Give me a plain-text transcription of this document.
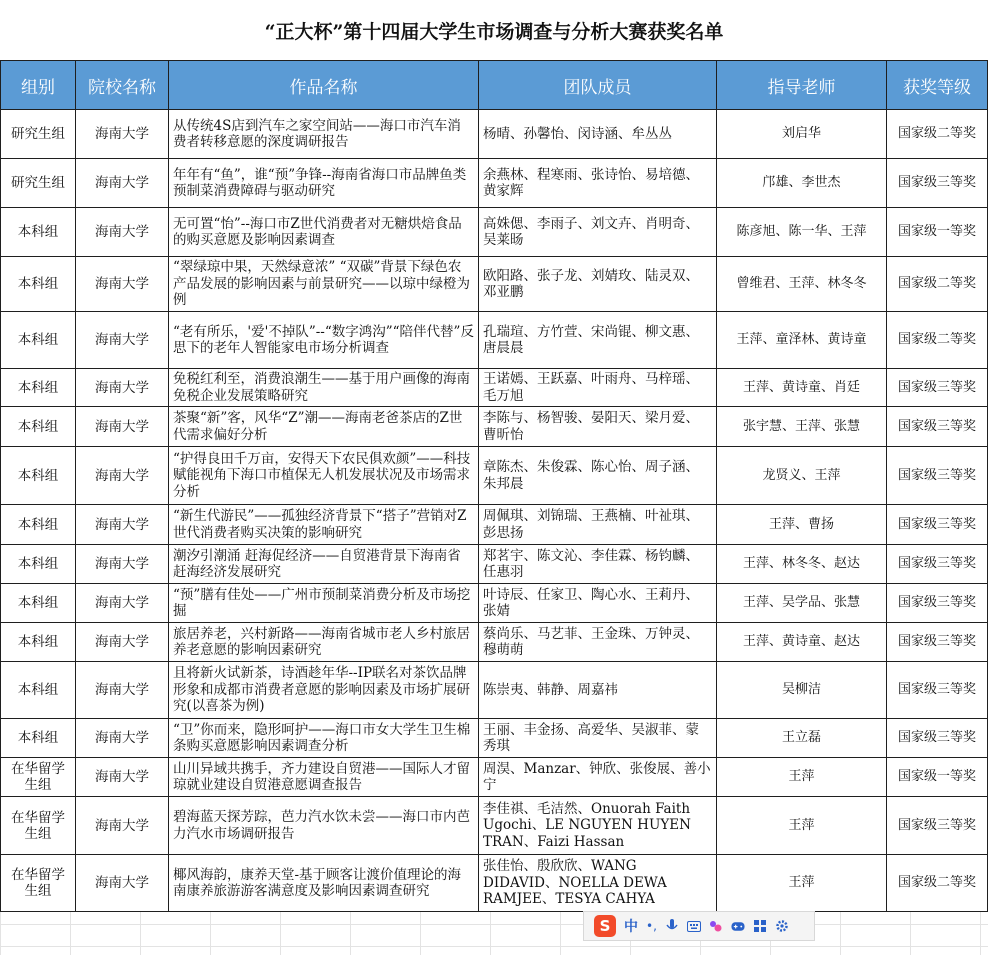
“正大杯”第十四届大学生市场调查与分析大赛获奖名单
组别	院校名称	作品名称	团队成员	指导老师	获奖等级
研究生组	海南大学	从传统4S店到汽车之家空间站——海口市汽车消费者转移意愿的深度调研报告	杨晴、孙馨怡、闵诗涵、牟丛丛	刘启华	国家级二等奖
研究生组	海南大学	年年有“鱼”，谁“预”争锋--海南省海口市品牌鱼类预制菜消费障碍与驱动研究	余燕林、程寒雨、张诗怡、易培德、黄家辉	邝雄、李世杰	国家级三等奖
本科组	海南大学	无可置“怡”--海口市Z世代消费者对无糖烘焙食品的购买意愿及影响因素调查	高姝偲、李雨子、刘文卉、肖明奇、吴莱旸	陈彦旭、陈一华、王萍	国家级一等奖
本科组	海南大学	“翠绿琼中果，天然绿意浓” “双碳”背景下绿色农产品发展的影响因素与前景研究——以琼中绿橙为例	欧阳路、张子龙、刘婧玫、陆灵双、邓亚鹏	曾维君、王萍、林冬冬	国家级二等奖
本科组	海南大学	“老有所乐，'爱'不掉队”--“数字鸿沟”“陪伴代替”反思下的老年人智能家电市场分析调查	孔瑞瑄、方竹萱、宋尚锟、柳文惠、唐晨晨	王萍、童泽林、黄诗童	国家级二等奖
本科组	海南大学	免税红利至，消费浪潮生——基于用户画像的海南免税企业发展策略研究	王诺嫣、王跃嘉、叶雨舟、马梓瑶、毛万旭	王萍、黄诗童、肖廷	国家级三等奖
本科组	海南大学	茶聚“新”客，风华“Z”潮——海南老爸茶店的Z世代需求偏好分析	李陈与、杨智骏、晏阳天、梁月爱、曹昕怡	张宇慧、王萍、张慧	国家级三等奖
本科组	海南大学	“护得良田千万亩，安得天下农民俱欢颜”——科技赋能视角下海口市植保无人机发展状况及市场需求分析	章陈杰、朱俊霖、陈心怡、周子涵、朱邦晨	龙贤义、王萍	国家级三等奖
本科组	海南大学	“新生代游民”——孤独经济背景下“搭子”营销对Z世代消费者购买决策的影响研究	周佩琪、刘锦瑞、王燕楠、叶祉琪、彭思扬	王萍、曹扬	国家级三等奖
本科组	海南大学	潮汐引潮涌 赶海促经济——自贸港背景下海南省赶海经济发展研究	郑茗宇、陈文沁、李佳霖、杨钧麟、任惠羽	王萍、林冬冬、赵达	国家级三等奖
本科组	海南大学	“预”膳有佳处——广州市预制菜消费分析及市场挖掘	叶诗辰、任家卫、陶心水、王莉丹、张婧	王萍、吴学品、张慧	国家级三等奖
本科组	海南大学	旅居养老，兴村新路——海南省城市老人乡村旅居养老意愿的影响因素研究	蔡尚乐、马艺菲、王金珠、万钟灵、穆萌萌	王萍、黄诗童、赵达	国家级三等奖
本科组	海南大学	且将新火试新茶，诗酒趁年华--IP联名对茶饮品牌形象和成都市消费者意愿的影响因素及市场扩展研究(以喜茶为例)	陈崇夷、韩静、周嘉祎	吴柳洁	国家级三等奖
本科组	海南大学	“卫”你而来，隐形呵护——海口市女大学生卫生棉条购买意愿影响因素调查分析	王丽、丰金扬、高爱华、吴淑菲、蒙秀琪	王立磊	国家级三等奖
在华留学生组	海南大学	山川异域共携手，齐力建设自贸港——国际人才留琼就业建设自贸港意愿调查报告	周淏、Manzar、钟欣、张俊展、善小宁	王萍	国家级一等奖
在华留学生组	海南大学	碧海蓝天探芳踪，芭力汽水饮未尝——海口市内芭力汽水市场调研报告	李佳祺、毛洁然、Onuorah Faith Ugochi、LE NGUYEN HUYEN TRAN、Faizi Hassan	王萍	国家级三等奖
在华留学生组	海南大学	椰风海韵，康养天堂-基于顾客让渡价值理论的海南康养旅游游客满意度及影响因素调查研究	张佳怡、殷欣欣、WANG DIDAVID、NOELLA DEWA RAMJEE、TESYA CAHYA	王萍	国家级二等奖
S 中 •,
